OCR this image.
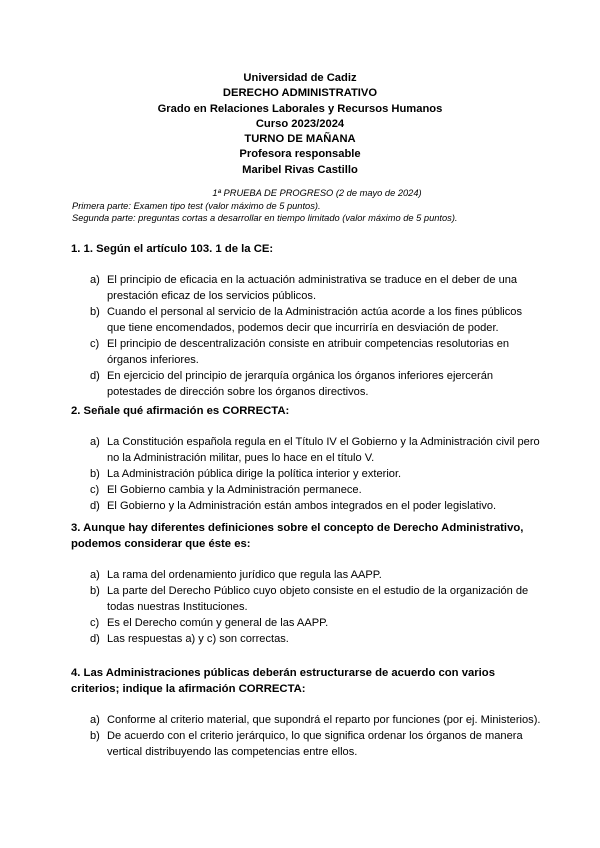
Universidad de Cadiz
DERECHO ADMINISTRATIVO
Grado en Relaciones Laborales y Recursos Humanos
Curso 2023/2024
TURNO DE MAÑANA
Profesora responsable
Maribel Rivas Castillo
1ª PRUEBA DE PROGRESO (2 de mayo de 2024)
Primera parte: Examen tipo test (valor máximo de 5 puntos).
Segunda parte: preguntas cortas a desarrollar en tiempo limitado (valor máximo de 5 puntos).
1. 1. Según el artículo 103. 1 de la CE:
a) El principio de eficacia en la actuación administrativa se traduce en el deber de una prestación eficaz de los servicios públicos.
b) Cuando el personal al servicio de la Administración actúa acorde a los fines públicos que tiene encomendados, podemos decir que incurriría en desviación de poder.
c) El principio de descentralización consiste en atribuir competencias resolutorias en órganos inferiores.
d) En ejercicio del principio de jerarquía orgánica los órganos inferiores ejercerán potestades de dirección sobre los órganos directivos.
2. Señale qué afirmación es CORRECTA:
a) La Constitución española regula en el Título IV el Gobierno y la Administración civil pero no la Administración militar, pues lo hace en el título V.
b) La Administración pública dirige la política interior y exterior.
c) El Gobierno cambia y la Administración permanece.
d) El Gobierno y la Administración están ambos integrados en el poder legislativo.
3. Aunque hay diferentes definiciones sobre el concepto de Derecho Administrativo, podemos considerar que éste es:
a) La rama del ordenamiento jurídico que regula las AAPP.
b) La parte del Derecho Público cuyo objeto consiste en el estudio de la organización de todas nuestras Instituciones.
c) Es el Derecho común y general de las AAPP.
d) Las respuestas a) y c) son correctas.
4. Las Administraciones públicas deberán estructurarse de acuerdo con varios criterios; indique la afirmación CORRECTA:
a) Conforme al criterio material, que supondrá el reparto por funciones (por ej. Ministerios).
b) De acuerdo con el criterio jerárquico, lo que significa ordenar los órganos de manera vertical distribuyendo las competencias entre ellos.
